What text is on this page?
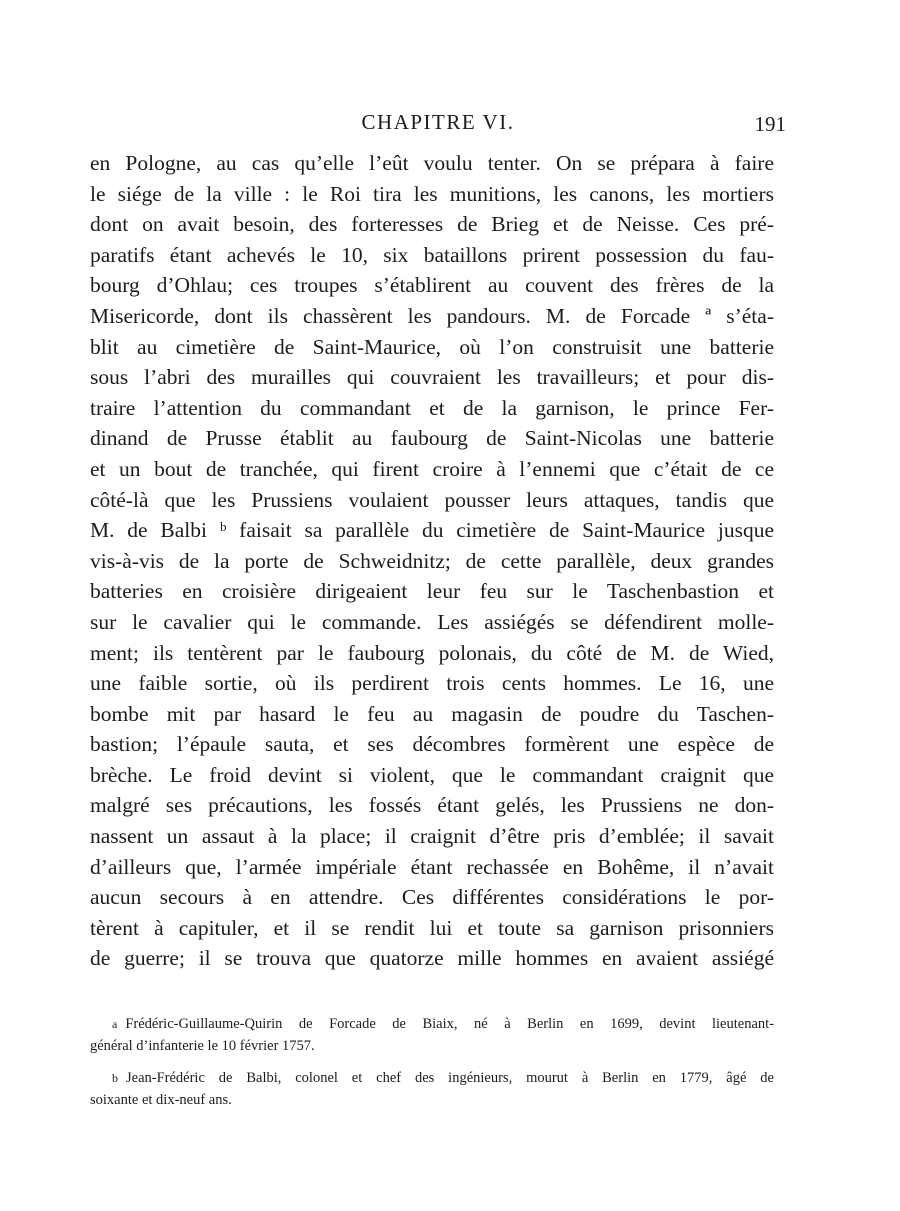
CHAPITRE VI.	191
en Pologne, au cas qu’elle l’eût voulu tenter. On se prépara à faire
le siége de la ville : le Roi tira les munitions, les canons, les mortiers
dont on avait besoin, des forteresses de Brieg et de Neisse. Ces pré-
paratifs étant achevés le 10, six bataillons prirent possession du fau-
bourg d’Ohlau; ces troupes s’établirent au couvent des frères de la
Misericorde, dont ils chassèrent les pandours. M. de Forcade ª s’éta-
blit au cimetière de Saint-Maurice, où l’on construisit une batterie
sous l’abri des murailles qui couvraient les travailleurs; et pour dis-
traire l’attention du commandant et de la garnison, le prince Fer-
dinand de Prusse établit au faubourg de Saint-Nicolas une batterie
et un bout de tranchée, qui firent croire à l’ennemi que c’était de ce
côté-là que les Prussiens voulaient pousser leurs attaques, tandis que
M. de Balbi ᵇ faisait sa parallèle du cimetière de Saint-Maurice jusque
vis-à-vis de la porte de Schweidnitz; de cette parallèle, deux grandes
batteries en croisière dirigeaient leur feu sur le Taschenbastion et
sur le cavalier qui le commande. Les assiégés se défendirent molle-
ment; ils tentèrent par le faubourg polonais, du côté de M. de Wied,
une faible sortie, où ils perdirent trois cents hommes. Le 16, une
bombe mit par hasard le feu au magasin de poudre du Taschen-
bastion; l’épaule sauta, et ses décombres formèrent une espèce de
brèche. Le froid devint si violent, que le commandant craignit que
malgré ses précautions, les fossés étant gelés, les Prussiens ne don-
nassent un assaut à la place; il craignit d’être pris d’emblée; il savait
d’ailleurs que, l’armée impériale étant rechassée en Bohême, il n’avait
aucun secours à en attendre. Ces différentes considérations le por-
tèrent à capituler, et il se rendit lui et toute sa garnison prisonniers
de guerre; il se trouva que quatorze mille hommes en avaient assiégé
a Frédéric-Guillaume-Quirin de Forcade de Biaix, né à Berlin en 1699, devint lieutenant-
général d’infanterie le 10 février 1757.
b Jean-Frédéric de Balbi, colonel et chef des ingénieurs, mourut à Berlin en 1779, âgé de
soixante et dix-neuf ans.
